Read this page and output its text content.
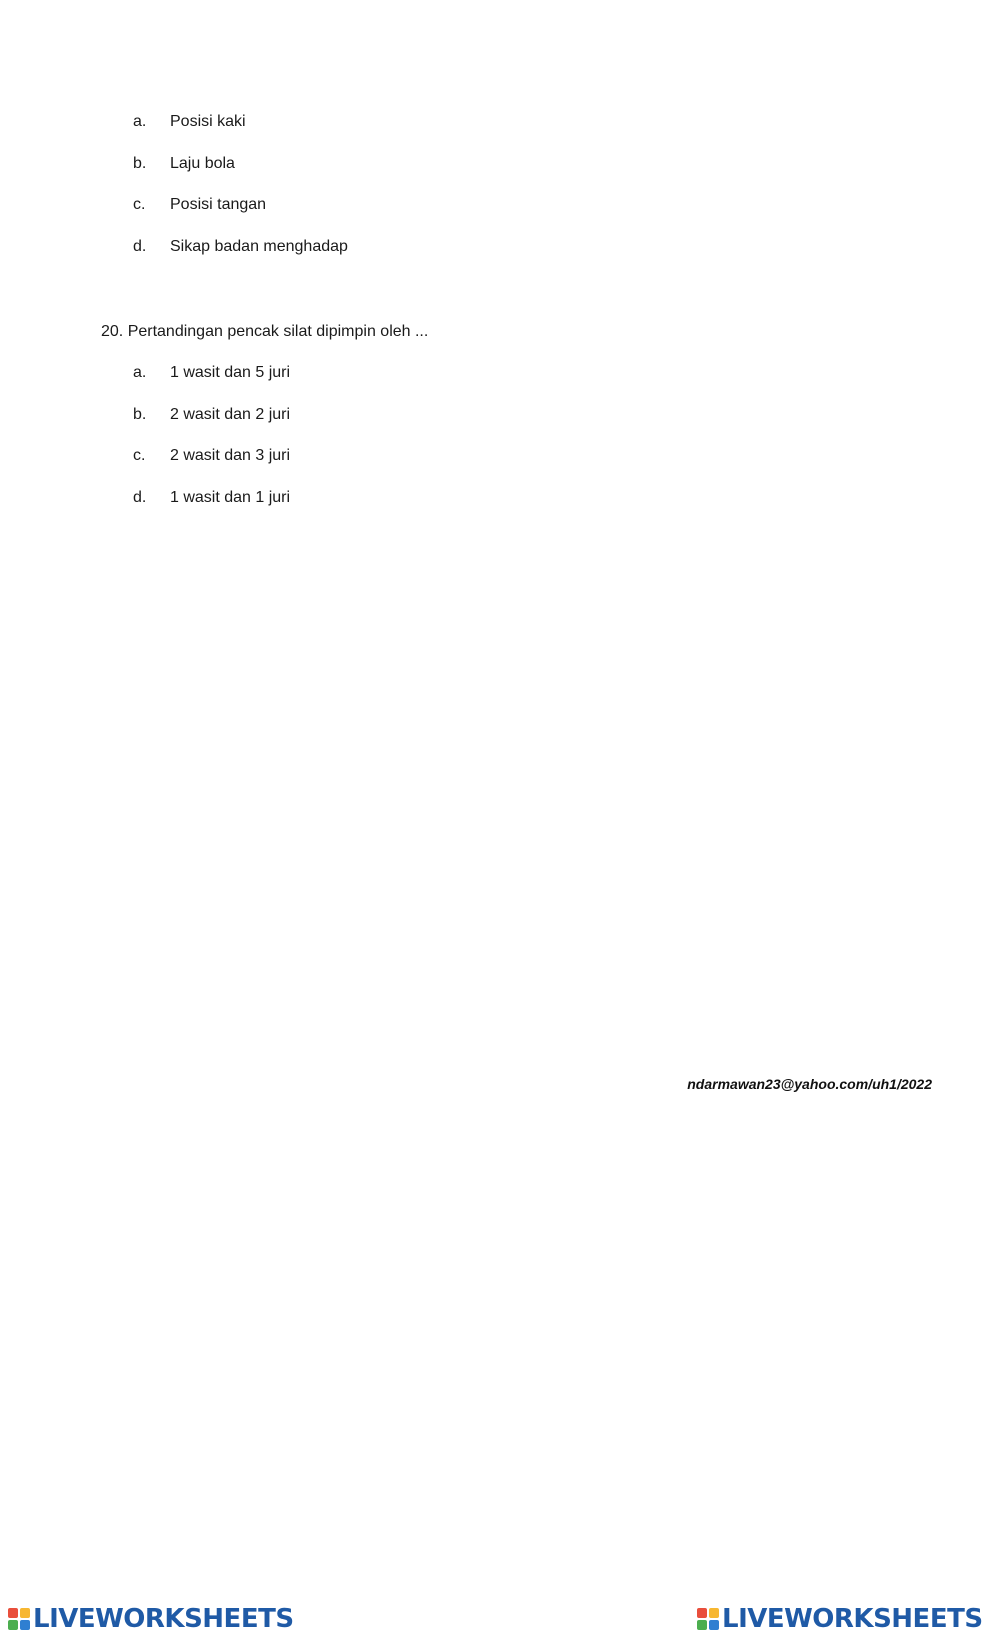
a.	Posisi kaki
b.	Laju bola
c.	Posisi tangan
d.	Sikap badan menghadap
20. Pertandingan pencak silat dipimpin oleh ...
a.	1 wasit dan 5 juri
b.	2 wasit dan 2 juri
c.	2 wasit dan 3 juri
d.	1 wasit dan 1 juri
ndarmawan23@yahoo.com/uh1/2022
LIVEWORKSHEETS	LIVEWORKSHEETS
